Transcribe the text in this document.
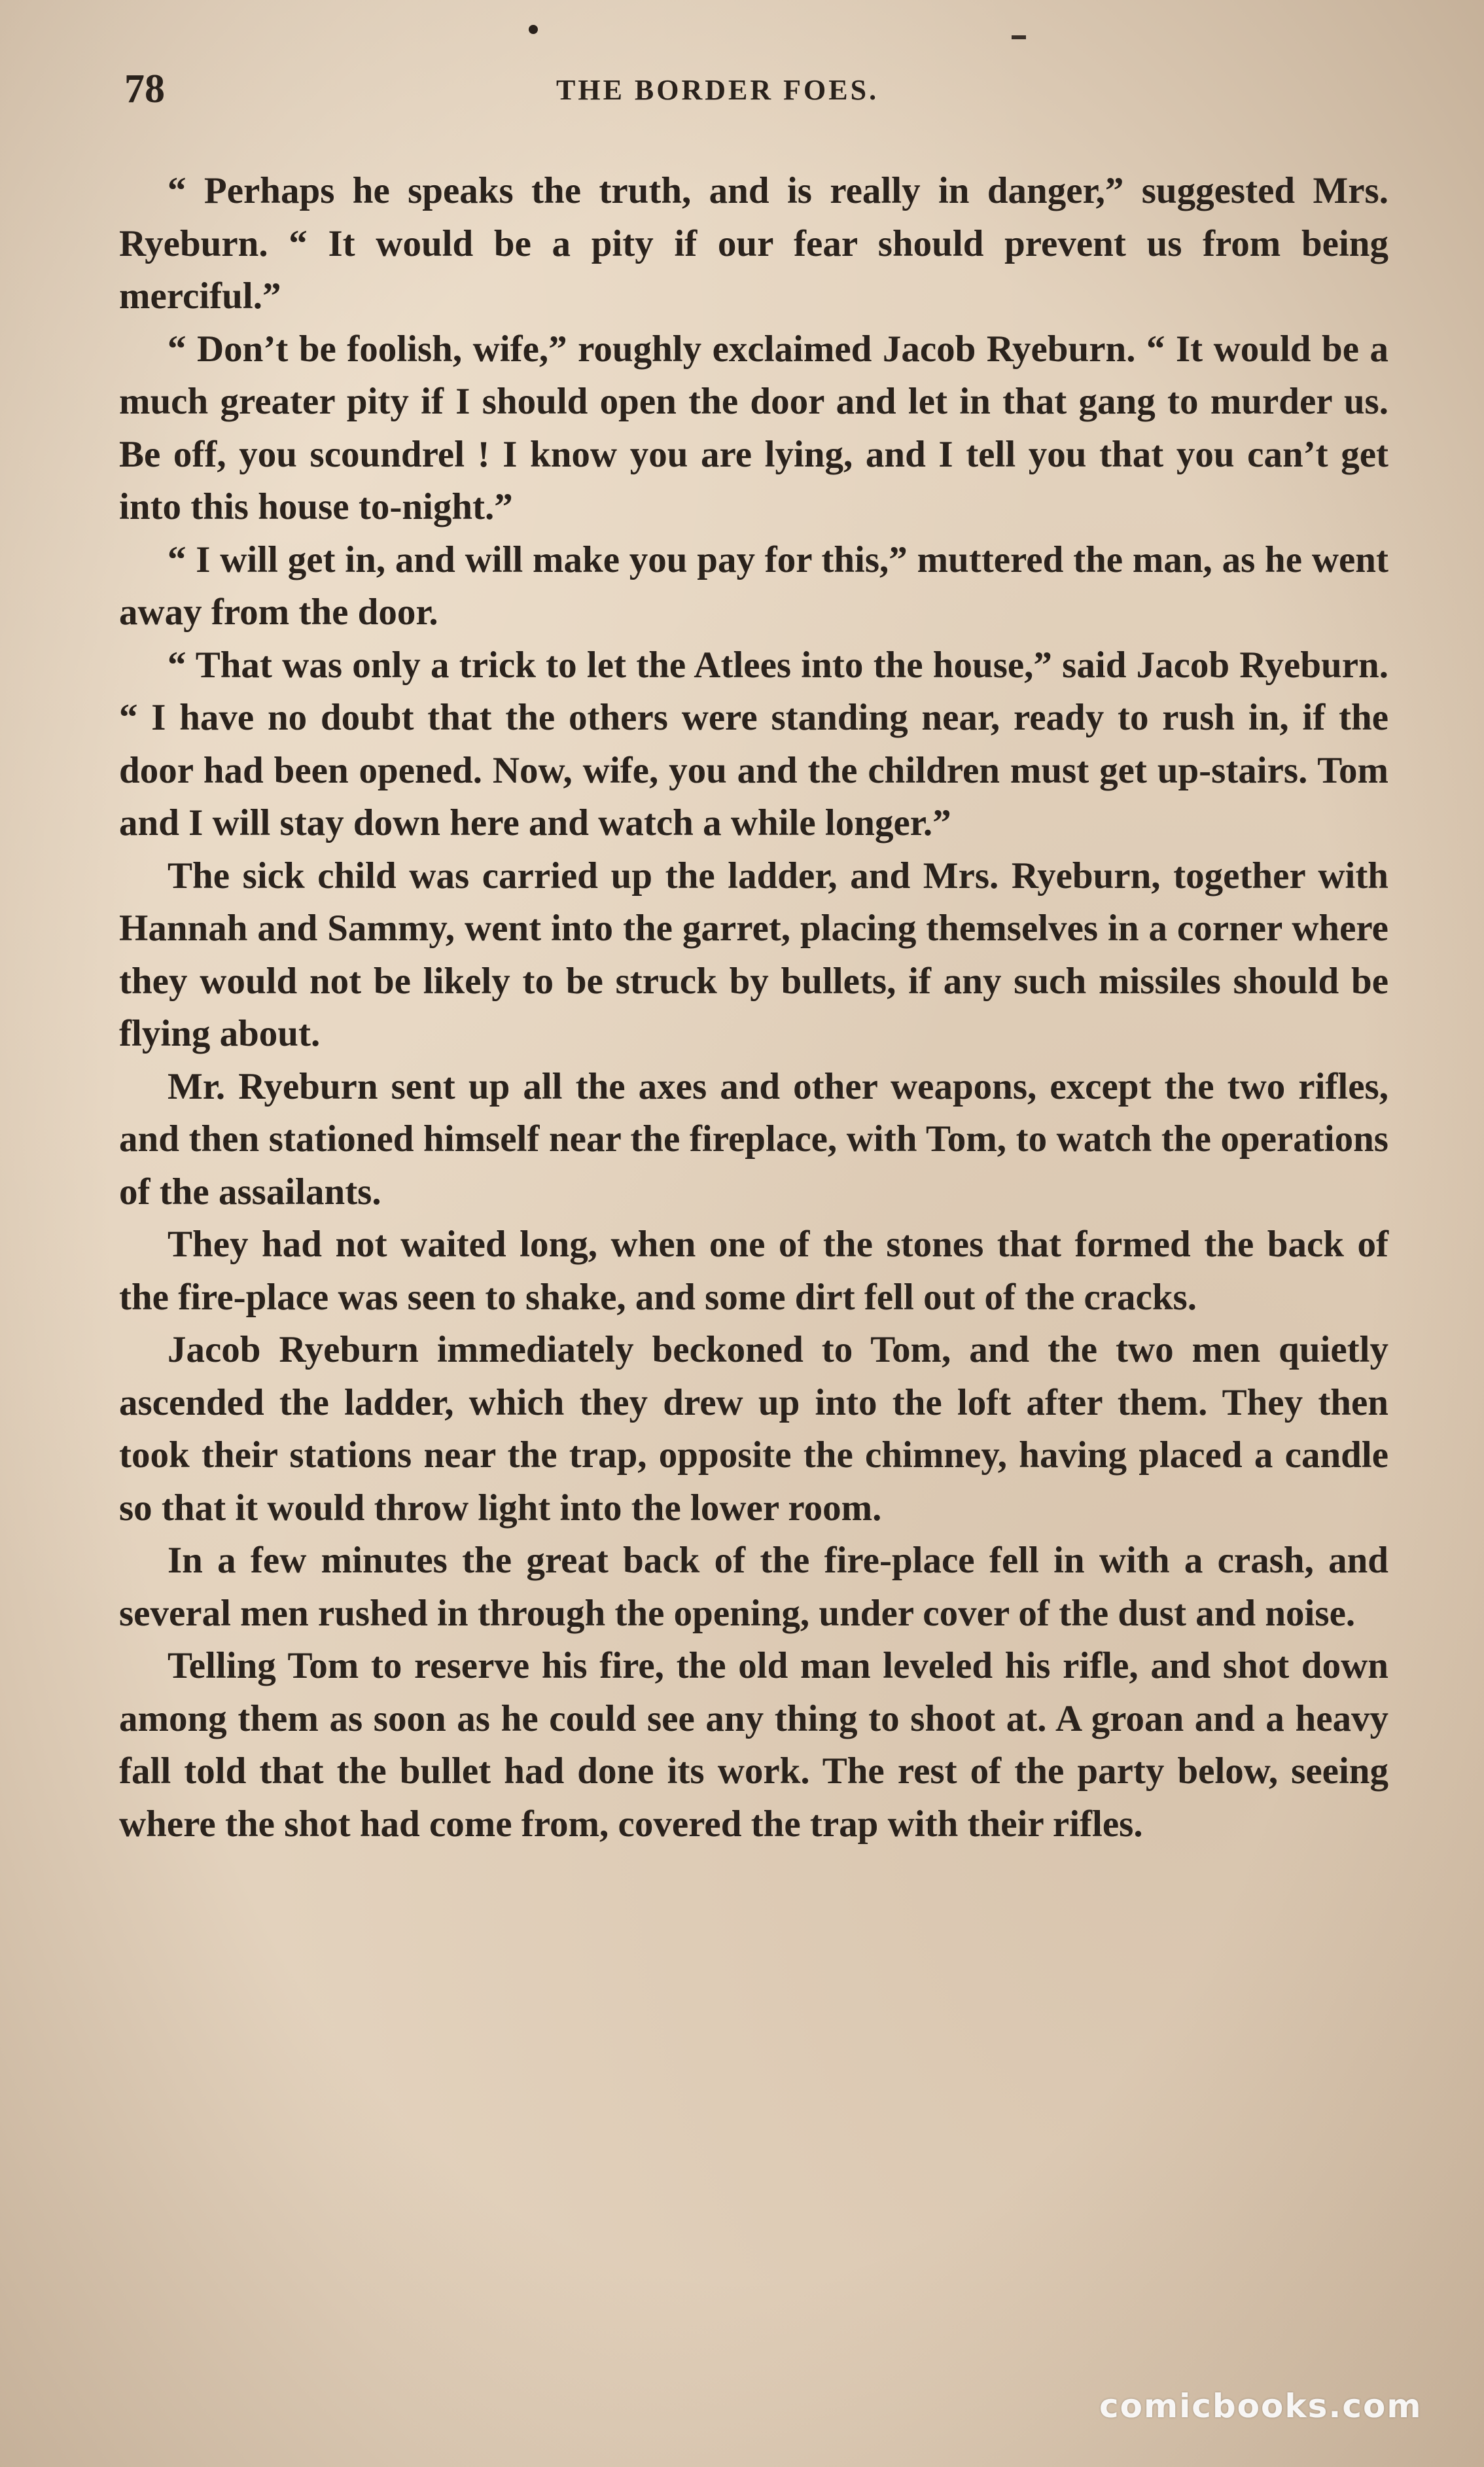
78	THE BORDER FOES.

“ Perhaps he speaks the truth, and is really in danger,” suggested Mrs. Ryeburn. “ It would be a pity if our fear should prevent us from being merciful.”

“ Don’t be foolish, wife,” roughly exclaimed Jacob Ryeburn. “ It would be a much greater pity if I should open the door and let in that gang to murder us. Be off, you scoundrel ! I know you are lying, and I tell you that you can’t get into this house to-night.”

“ I will get in, and will make you pay for this,” muttered the man, as he went away from the door.

“ That was only a trick to let the Atlees into the house,” said Jacob Ryeburn. “ I have no doubt that the others were standing near, ready to rush in, if the door had been opened. Now, wife, you and the children must get up-stairs. Tom and I will stay down here and watch a while longer.”

The sick child was carried up the ladder, and Mrs. Ryeburn, together with Hannah and Sammy, went into the garret, placing themselves in a corner where they would not be likely to be struck by bullets, if any such missiles should be flying about.

Mr. Ryeburn sent up all the axes and other weapons, except the two rifles, and then stationed himself near the fireplace, with Tom, to watch the operations of the assailants.

They had not waited long, when one of the stones that formed the back of the fire-place was seen to shake, and some dirt fell out of the cracks.

Jacob Ryeburn immediately beckoned to Tom, and the two men quietly ascended the ladder, which they drew up into the loft after them. They then took their stations near the trap, opposite the chimney, having placed a candle so that it would throw light into the lower room.

In a few minutes the great back of the fire-place fell in with a crash, and several men rushed in through the opening, under cover of the dust and noise.

Telling Tom to reserve his fire, the old man leveled his rifle, and shot down among them as soon as he could see any thing to shoot at. A groan and a heavy fall told that the bullet had done its work. The rest of the party below, seeing where the shot had come from, covered the trap with their rifles.

comicbooks.com
